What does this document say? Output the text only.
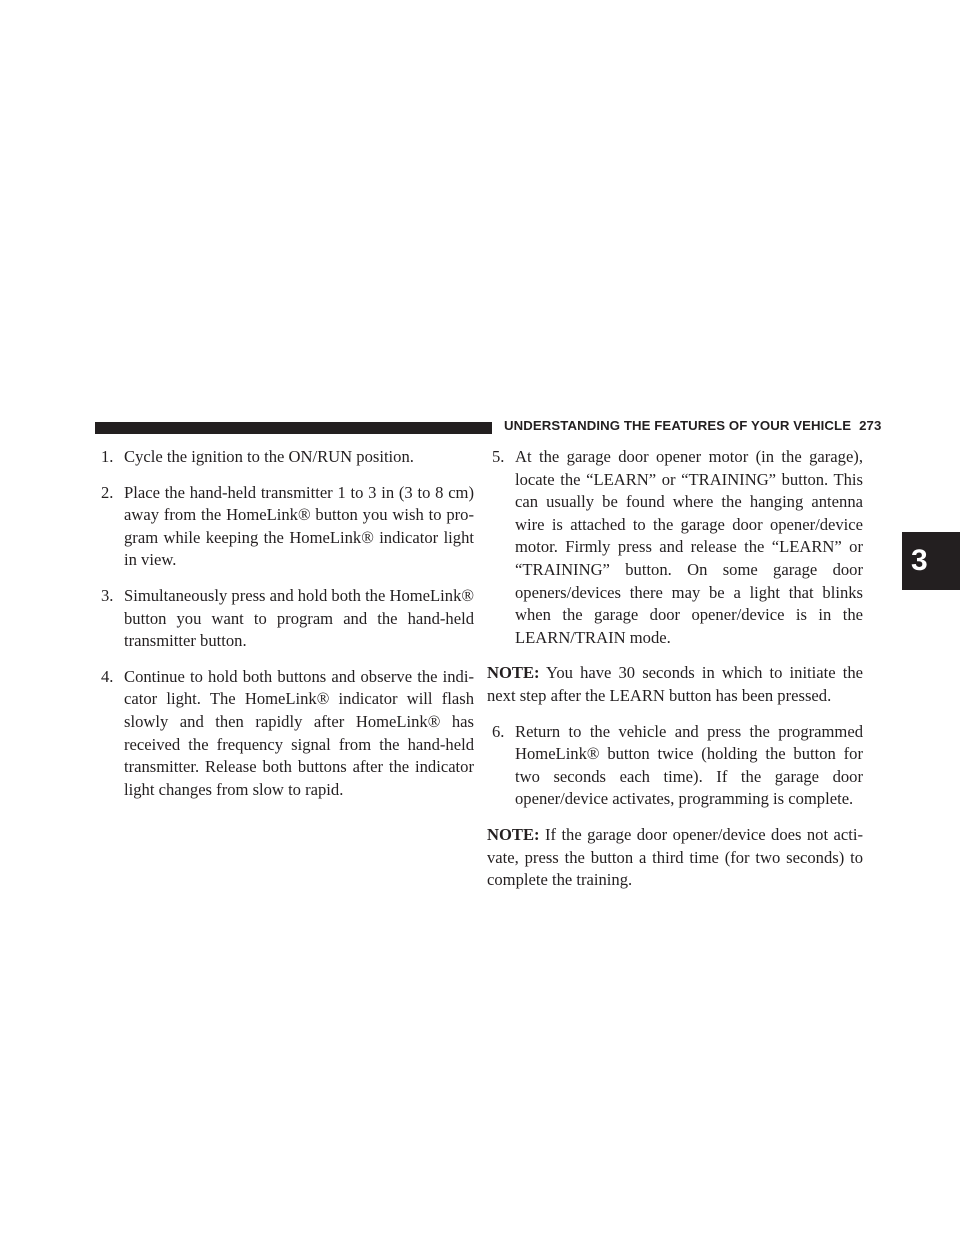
UNDERSTANDING THE FEATURES OF YOUR VEHICLE 273
3

1. Cycle the ignition to the ON/RUN position.

2. Place the hand-held transmitter 1 to 3 in (3 to 8 cm) away from the HomeLink® button you wish to program while keeping the HomeLink® indicator light in view.

3. Simultaneously press and hold both the HomeLink® button you want to program and the hand-held transmitter button.

4. Continue to hold both buttons and observe the indicator light. The HomeLink® indicator will flash slowly and then rapidly after HomeLink® has received the frequency signal from the hand-held transmitter. Release both buttons after the indicator light changes from slow to rapid.

5. At the garage door opener motor (in the garage), locate the “LEARN” or “TRAINING” button. This can usually be found where the hanging antenna wire is attached to the garage door opener/device motor. Firmly press and release the “LEARN” or “TRAINING” button. On some garage door openers/devices there may be a light that blinks when the garage door opener/device is in the LEARN/TRAIN mode.

NOTE: You have 30 seconds in which to initiate the next step after the LEARN button has been pressed.

6. Return to the vehicle and press the programmed HomeLink® button twice (holding the button for two seconds each time). If the garage door opener/device activates, programming is complete.

NOTE: If the garage door opener/device does not activate, press the button a third time (for two seconds) to complete the training.
